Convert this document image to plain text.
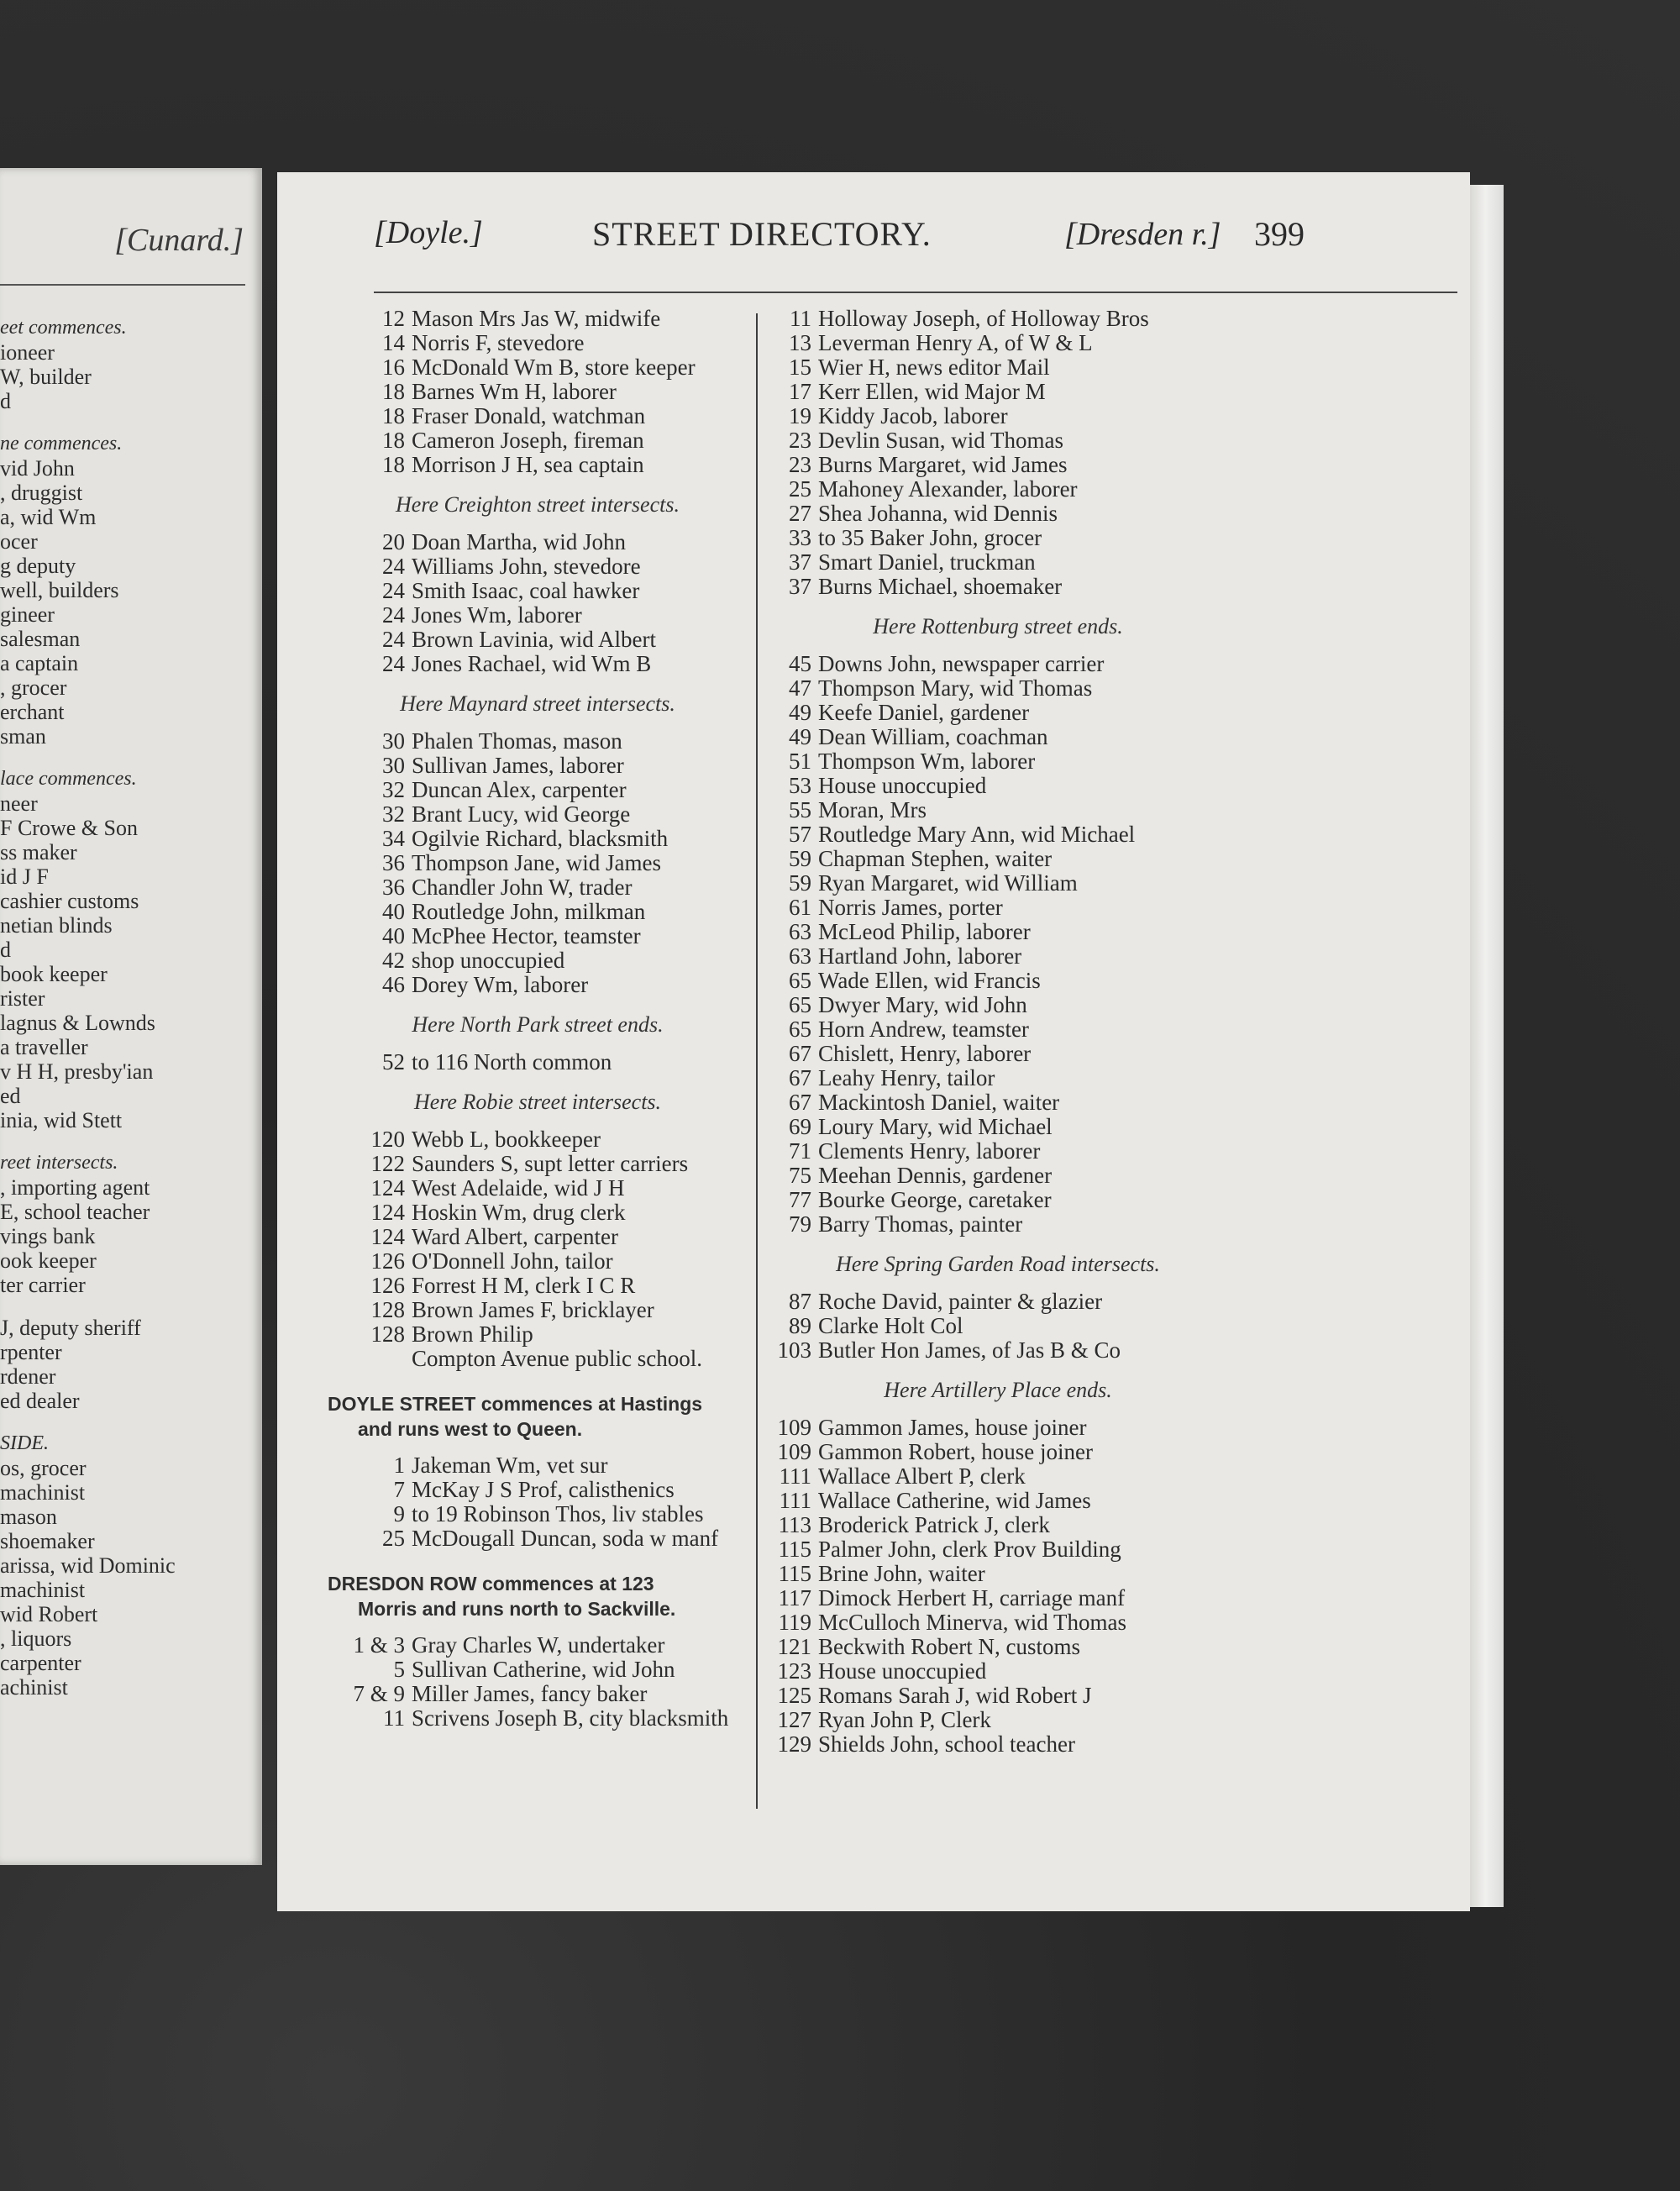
[Cunard.]
eet commences.
ioneer
W, builder
d
ne commences.
vid John
, druggist
a, wid Wm
ocer
g deputy
well, builders
gineer
salesman
a captain
, grocer
erchant
sman
lace commences.
neer
F Crowe & Son
ss maker
id J F
cashier customs
netian blinds
d
book keeper
rister
lagnus & Lownds
a traveller
v H H, presby'ian
ed
inia, wid Stett
reet intersects.
, importing agent
E, school teacher
vings bank
ook keeper
ter carrier
J, deputy sheriff
rpenter
rdener
ed dealer
SIDE.
os, grocer
machinist
mason
shoemaker
arissa, wid Dominic
machinist
wid Robert
, liquors
carpenter
achinist
[Doyle.]	STREET DIRECTORY.	[Dresden r.] 399
12 Mason Mrs Jas W, midwife
14 Norris F, stevedore
16 McDonald Wm B, store keeper
18 Barnes Wm H, laborer
18 Fraser Donald, watchman
18 Cameron Joseph, fireman
18 Morrison J H, sea captain
Here Creighton street intersects.
20 Doan Martha, wid John
24 Williams John, stevedore
24 Smith Isaac, coal hawker
24 Jones Wm, laborer
24 Brown Lavinia, wid Albert
24 Jones Rachael, wid Wm B
Here Maynard street intersects.
30 Phalen Thomas, mason
30 Sullivan James, laborer
32 Duncan Alex, carpenter
32 Brant Lucy, wid George
34 Ogilvie Richard, blacksmith
36 Thompson Jane, wid James
36 Chandler John W, trader
40 Routledge John, milkman
40 McPhee Hector, teamster
42 shop unoccupied
46 Dorey Wm, laborer
Here North Park street ends.
52 to 116 North common
Here Robie street intersects.
120 Webb L, bookkeeper
122 Saunders S, supt letter carriers
124 West Adelaide, wid J H
124 Hoskin Wm, drug clerk
124 Ward Albert, carpenter
126 O'Donnell John, tailor
126 Forrest H M, clerk I C R
128 Brown James F, bricklayer
128 Brown Philip
Compton Avenue public school.
DOYLE STREET commences at Hastings
and runs west to Queen.
1 Jakeman Wm, vet sur
7 McKay J S Prof, calisthenics
9 to 19 Robinson Thos, liv stables
25 McDougall Duncan, soda w manf
DRESDON ROW commences at 123
Morris and runs north to Sackville.
1 & 3 Gray Charles W, undertaker
5 Sullivan Catherine, wid John
7 & 9 Miller James, fancy baker
11 Scrivens Joseph B, city blacksmith
11 Holloway Joseph, of Holloway Bros
13 Leverman Henry A, of W & L
15 Wier H, news editor Mail
17 Kerr Ellen, wid Major M
19 Kiddy Jacob, laborer
23 Devlin Susan, wid Thomas
23 Burns Margaret, wid James
25 Mahoney Alexander, laborer
27 Shea Johanna, wid Dennis
33 to 35 Baker John, grocer
37 Smart Daniel, truckman
37 Burns Michael, shoemaker
Here Rottenburg street ends.
45 Downs John, newspaper carrier
47 Thompson Mary, wid Thomas
49 Keefe Daniel, gardener
49 Dean William, coachman
51 Thompson Wm, laborer
53 House unoccupied
55 Moran, Mrs
57 Routledge Mary Ann, wid Michael
59 Chapman Stephen, waiter
59 Ryan Margaret, wid William
61 Norris James, porter
63 McLeod Philip, laborer
63 Hartland John, laborer
65 Wade Ellen, wid Francis
65 Dwyer Mary, wid John
65 Horn Andrew, teamster
67 Chislett, Henry, laborer
67 Leahy Henry, tailor
67 Mackintosh Daniel, waiter
69 Loury Mary, wid Michael
71 Clements Henry, laborer
75 Meehan Dennis, gardener
77 Bourke George, caretaker
79 Barry Thomas, painter
Here Spring Garden Road intersects.
87 Roche David, painter & glazier
89 Clarke Holt Col
103 Butler Hon James, of Jas B & Co
Here Artillery Place ends.
109 Gammon James, house joiner
109 Gammon Robert, house joiner
111 Wallace Albert P, clerk
111 Wallace Catherine, wid James
113 Broderick Patrick J, clerk
115 Palmer John, clerk Prov Building
115 Brine John, waiter
117 Dimock Herbert H, carriage manf
119 McCulloch Minerva, wid Thomas
121 Beckwith Robert N, customs
123 House unoccupied
125 Romans Sarah J, wid Robert J
127 Ryan John P, Clerk
129 Shields John, school teacher
